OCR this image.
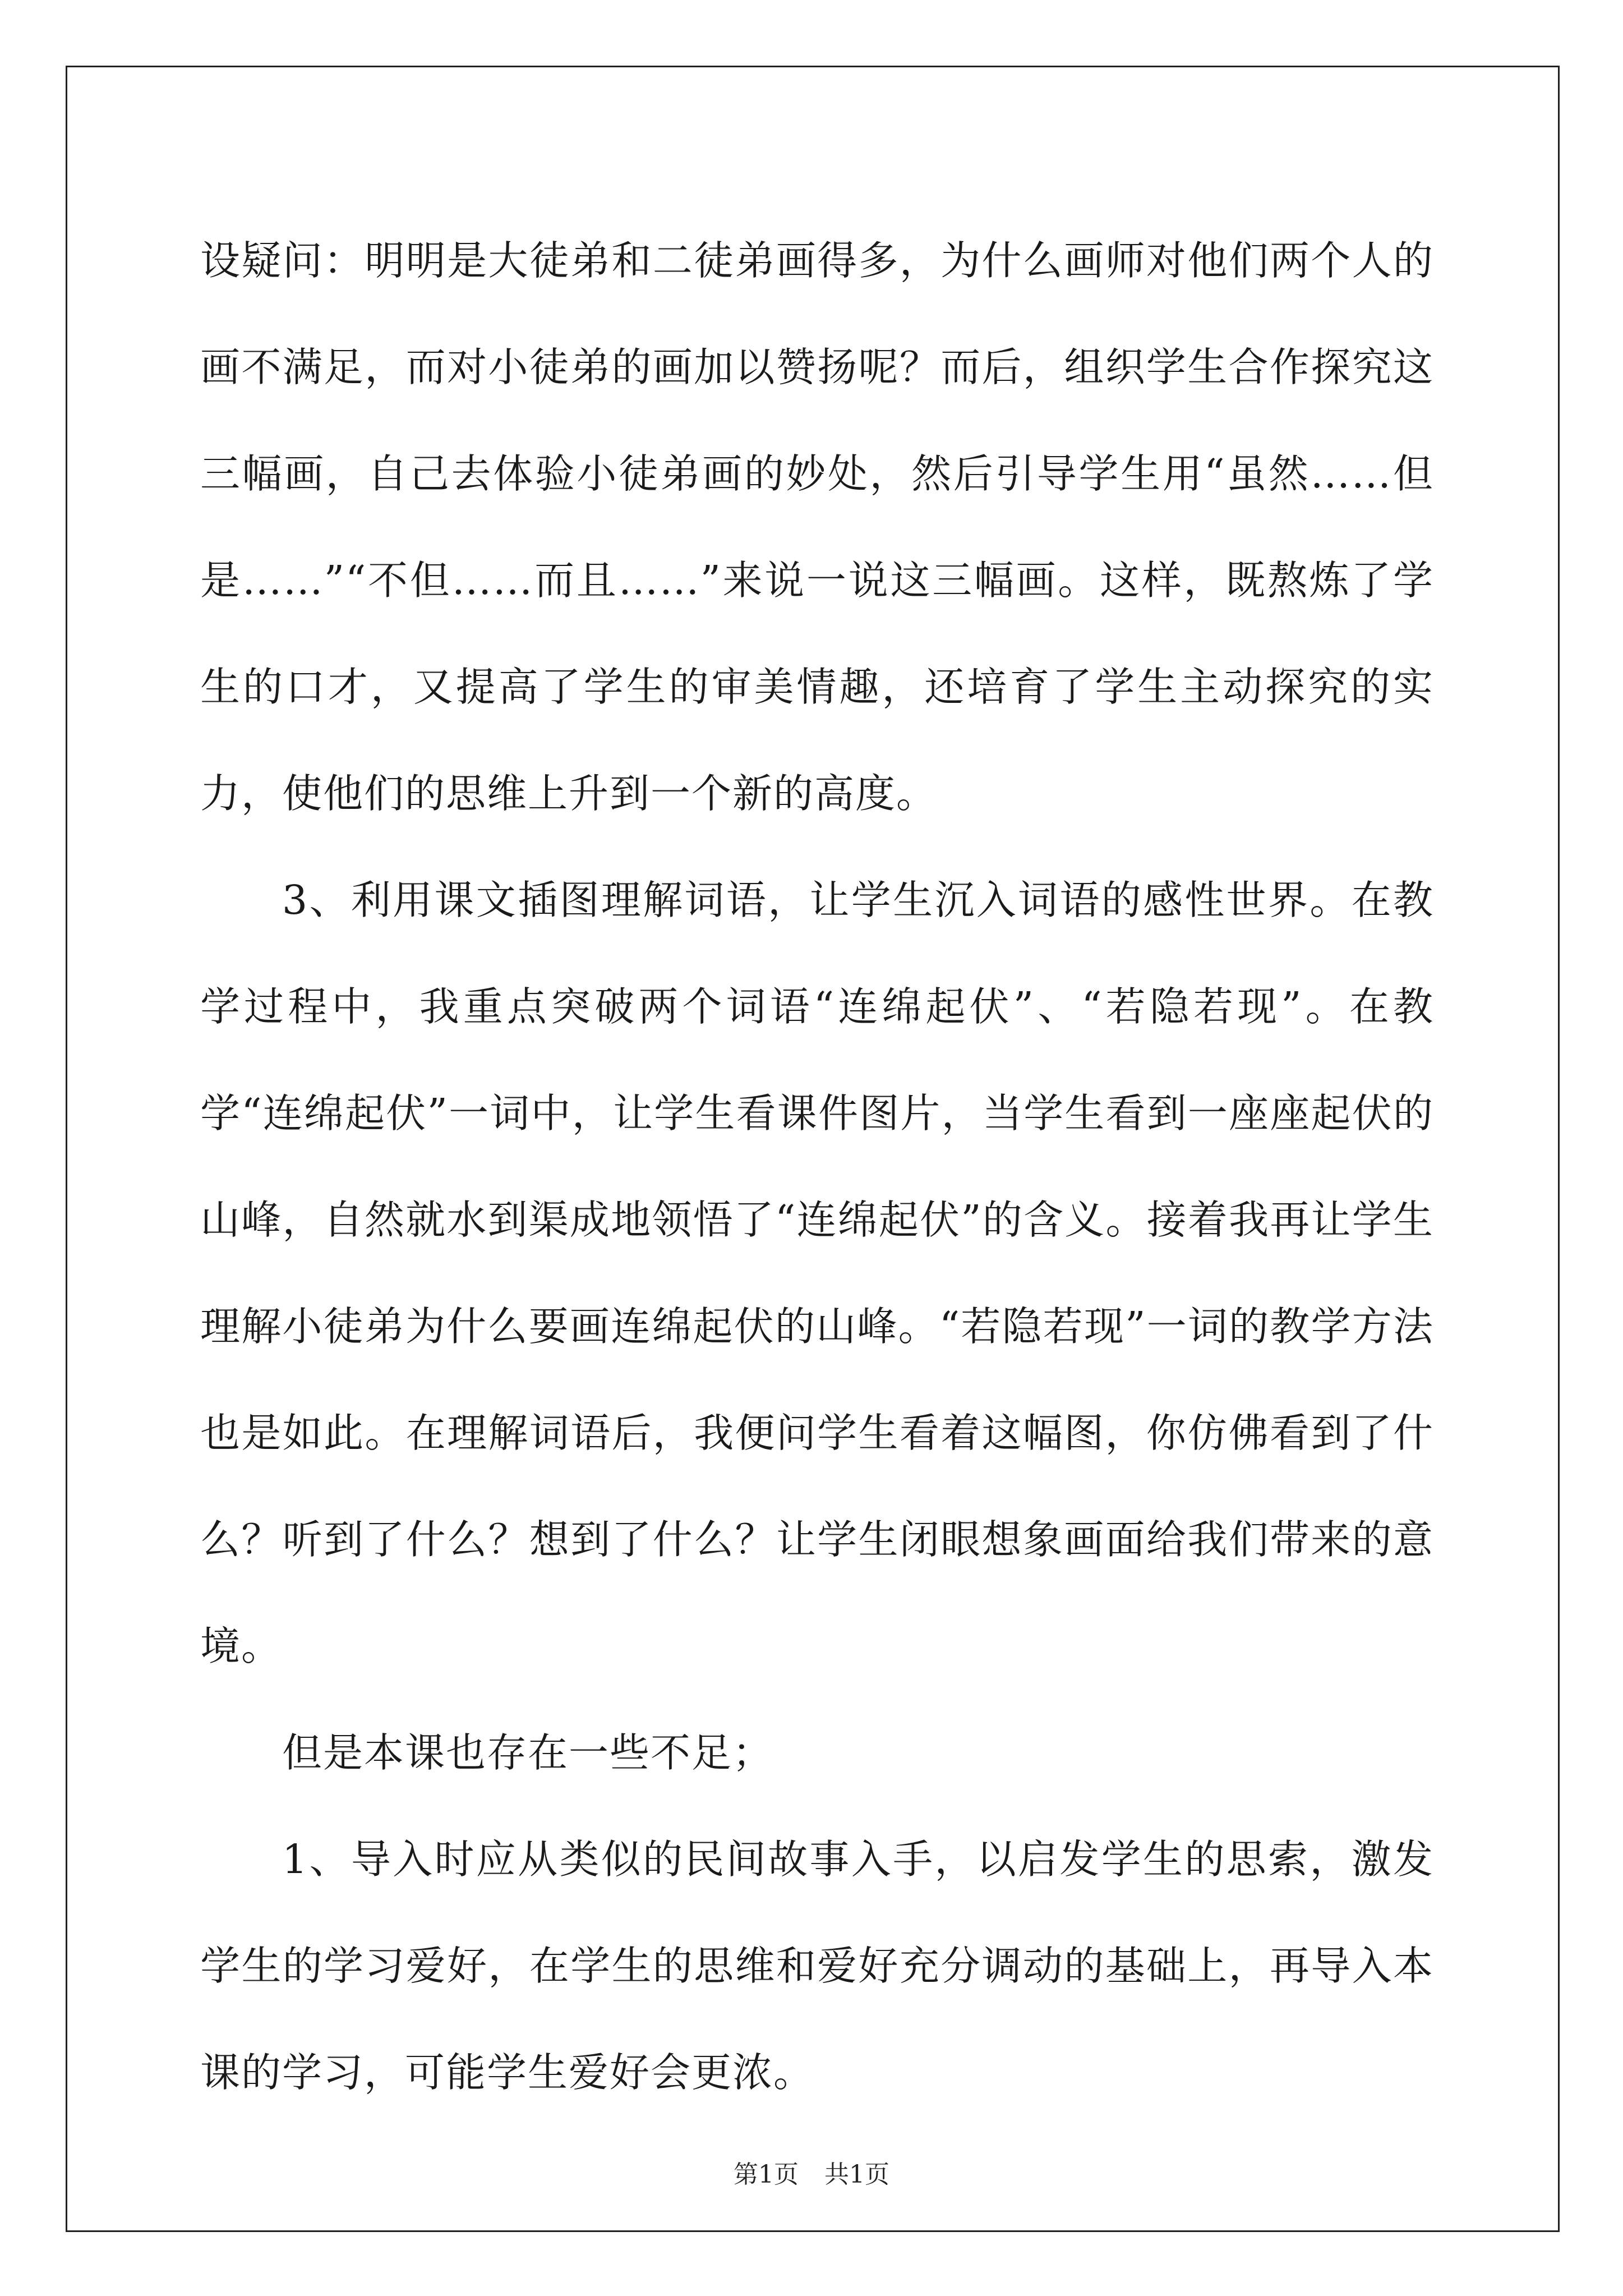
设疑问：明明是大徒弟和二徒弟画得多，为什么画师对他们两个人的画不满足，而对小徒弟的画加以赞扬呢？而后，组织学生合作探究这三幅画，自己去体验小徒弟画的妙处，然后引导学生用“虽然……但是……”“不但……而且……”来说一说这三幅画。这样，既熬炼了学生的口才，又提高了学生的审美情趣，还培育了学生主动探究的实力，使他们的思维上升到一个新的高度。

3、利用课文插图理解词语，让学生沉入词语的感性世界。在教学过程中，我重点突破两个词语“连绵起伏”、“若隐若现”。在教学“连绵起伏”一词中，让学生看课件图片，当学生看到一座座起伏的山峰，自然就水到渠成地领悟了“连绵起伏”的含义。接着我再让学生理解小徒弟为什么要画连绵起伏的山峰。“若隐若现”一词的教学方法也是如此。在理解词语后，我便问学生看着这幅图，你仿佛看到了什么？听到了什么？想到了什么？让学生闭眼想象画面给我们带来的意境。

但是本课也存在一些不足；

1、导入时应从类似的民间故事入手，以启发学生的思索，激发学生的学习爱好，在学生的思维和爱好充分调动的基础上，再导入本课的学习，可能学生爱好会更浓。

第1页 共1页
